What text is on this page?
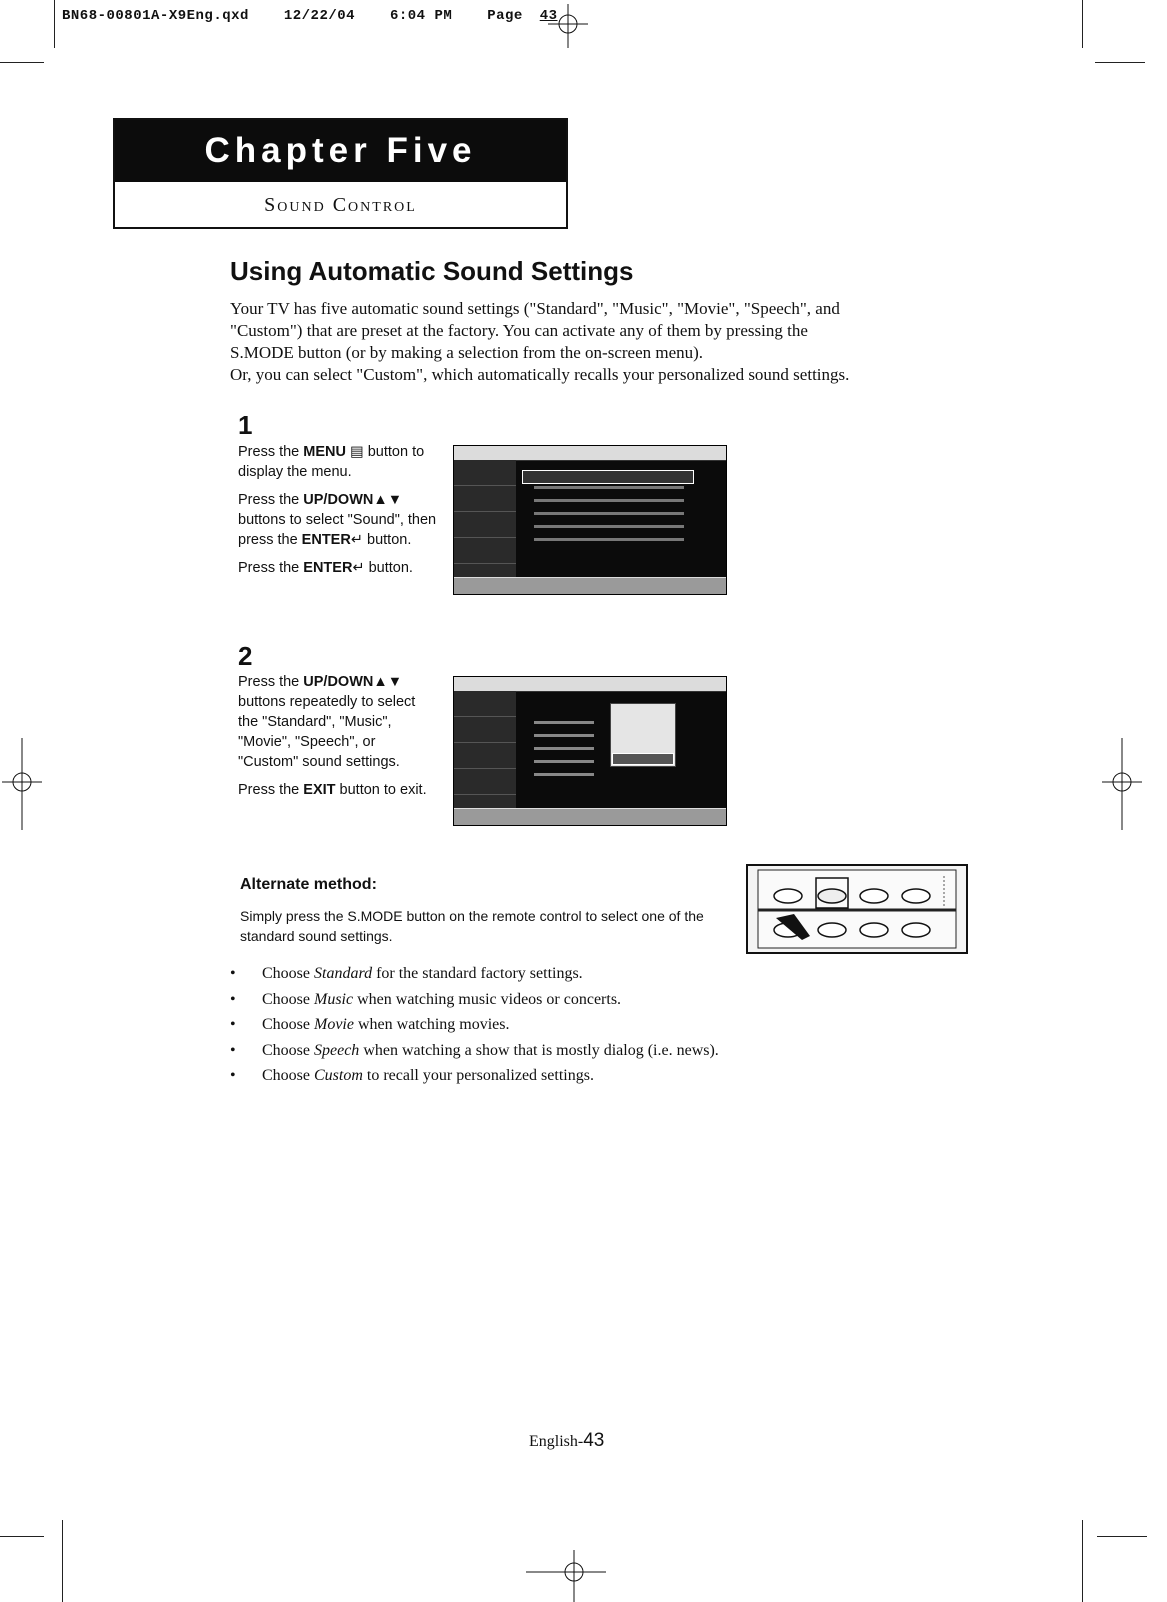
BN68-00801A-X9Eng.qxd 12/22/04 6:04 PM Page 43
Chapter Five
Sound Control
Using Automatic Sound Settings

Your TV has five automatic sound settings ("Standard", "Music", "Movie", "Speech", and

"Custom") that are preset at the factory. You can activate any of them by pressing the

S.MODE button (or by making a selection from the on-screen menu).

Or, you can select "Custom", which automatically recalls your personalized sound settings.

1

Press the MENU ▤ button to display the menu.

Press the UP/DOWN▲▼ buttons to select "Sound", then press the ENTER↵ button.

Press the ENTER↵ button.

2

Press the UP/DOWN▲▼ buttons repeatedly to select the "Standard", "Music", "Movie", "Speech", or "Custom" sound settings.

Press the EXIT button to exit.

Alternate method:
Simply press the S.MODE button on the remote control to select one of the standard sound settings.
• Choose Standard for the standard factory settings.
• Choose Music when watching music videos or concerts.
• Choose Movie when watching movies.
• Choose Speech when watching a show that is mostly dialog (i.e. news).
• Choose Custom to recall your personalized settings.
English-43
